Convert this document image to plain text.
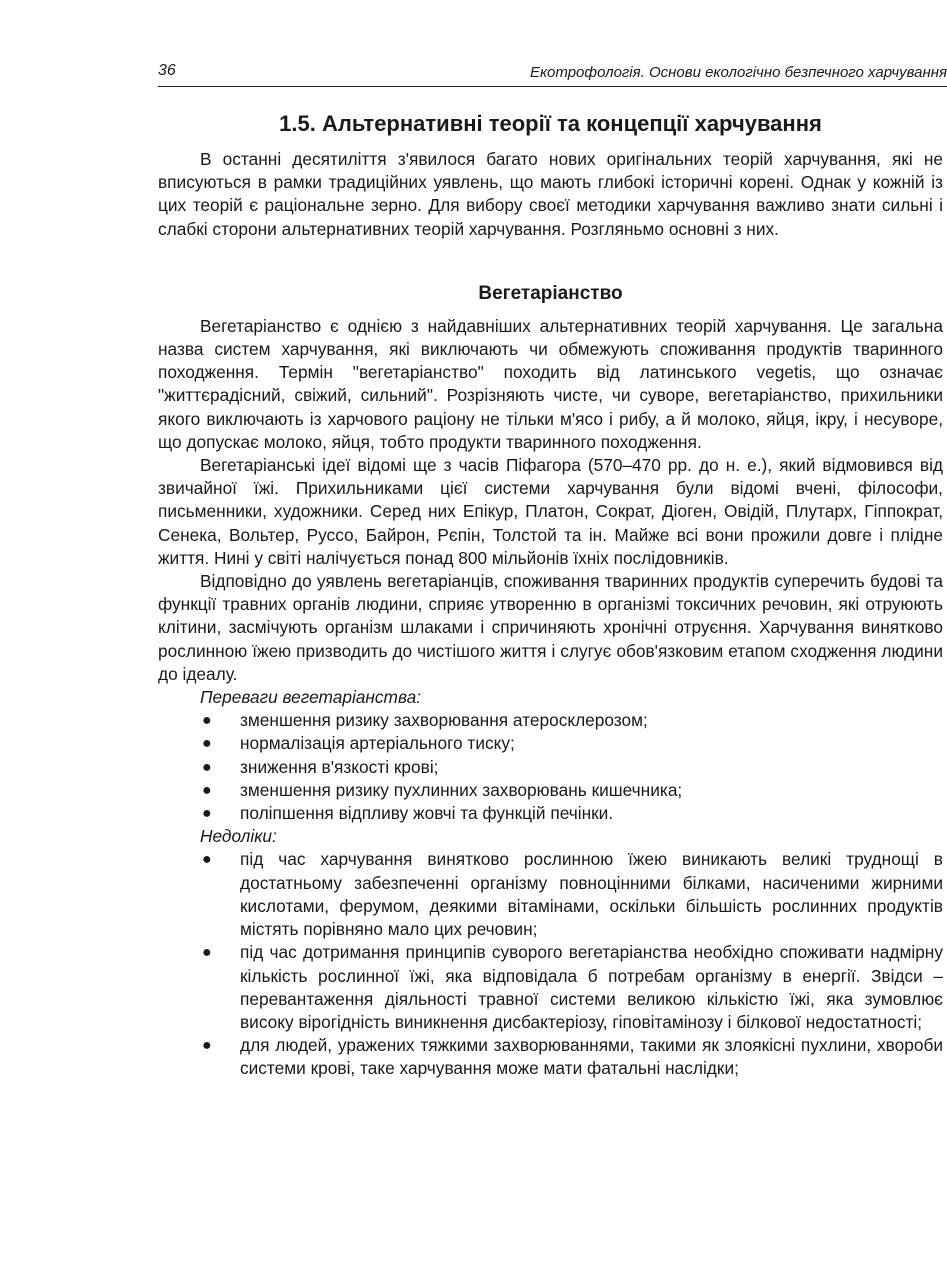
36	Екотрофологія. Основи екологічно безпечного харчування
1.5. Альтернативні теорії та концепції харчування

В останні десятиліття з'явилося багато нових оригінальних теорій харчування, які не вписуються в рамки традиційних уявлень, що мають глибокі історичні корені. Однак у кожній із цих теорій є раціональне зерно. Для вибору своєї методики харчування важливо знати сильні і слабкі сторони альтернативних теорій харчування. Розгляньмо основні з них.

Вегетаріанство

Вегетаріанство є однією з найдавніших альтернативних теорій харчування. Це загальна назва систем харчування, які виключають чи обмежують споживання продуктів тваринного походження. Термін "вегетаріанство" походить від латинського vegetis, що означає "життєрадісний, свіжий, сильний". Розрізняють чисте, чи суворе, вегетаріанство, прихильники якого виключають із харчового раціону не тільки м'ясо і рибу, а й молоко, яйця, ікру, і несуворе, що допускає молоко, яйця, тобто продукти тваринного походження.

Вегетаріанські ідеї відомі ще з часів Піфагора (570–470 рр. до н. е.), який відмовився від звичайної їжі. Прихильниками цієї системи харчування були відомі вчені, філософи, письменники, художники. Серед них Епікур, Платон, Сократ, Діоген, Овідій, Плутарх, Гіппократ, Сенека, Вольтер, Руссо, Байрон, Рєпін, Толстой та ін. Майже всі вони прожили довге і плідне життя. Нині у світі налічується понад 800 мільйонів їхніх послідовників.

Відповідно до уявлень вегетаріанців, споживання тваринних продуктів суперечить будові та функції травних органів людини, сприяє утворенню в організмі токсичних речовин, які отруюють клітини, засмічують організм шлаками і спричиняють хронічні отруєння. Харчування винятково рослинною їжею призводить до чистішого життя і слугує обов'язковим етапом сходження людини до ідеалу.

Переваги вегетаріанства:
● зменшення ризику захворювання атеросклерозом;
● нормалізація артеріального тиску;
● зниження в'язкості крові;
● зменшення ризику пухлинних захворювань кишечника;
● поліпшення відпливу жовчі та функцій печінки.
Недоліки:
● під час харчування винятково рослинною їжею виникають великі труднощі в достатньому забезпеченні організму повноцінними білками, насиченими жирними кислотами, ферумом, деякими вітамінами, оскільки більшість рослинних продуктів містять порівняно мало цих речовин;
● під час дотримання принципів суворого вегетаріанства необхідно споживати надмірну кількість рослинної їжі, яка відповідала б потребам організму в енергії. Звідси – перевантаження діяльності травної системи великою кількістю їжі, яка зумовлює високу вірогідність виникнення дисбактеріозу, гіповітамінозу і білкової недостатності;
● для людей, уражених тяжкими захворюваннями, такими як злоякісні пухлини, хвороби системи крові, таке харчування може мати фатальні наслідки;
